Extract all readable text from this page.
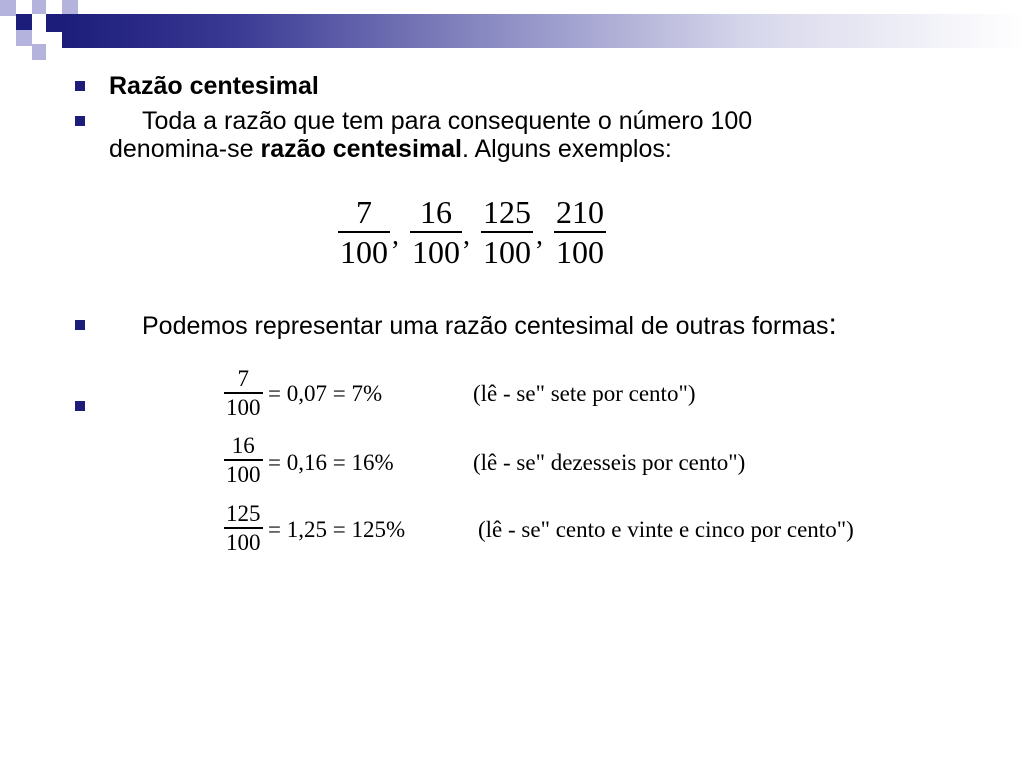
Razão centesimal
Toda a razão que tem para consequente o número 100
denomina-se razão centesimal. Alguns exemplos:
7
100 ,
16
100 ,
125
100 ,
210
100
Podemos representar uma razão centesimal de outras formas:
7
100
= 0,07 = 7%	(lê - se" sete por cento")
16
100 = 0,16 = 16%	(lê - se" dezesseis por cento")
125
100
= 1,25 = 125%	(lê - se" cento e vinte e cinco por cento")
